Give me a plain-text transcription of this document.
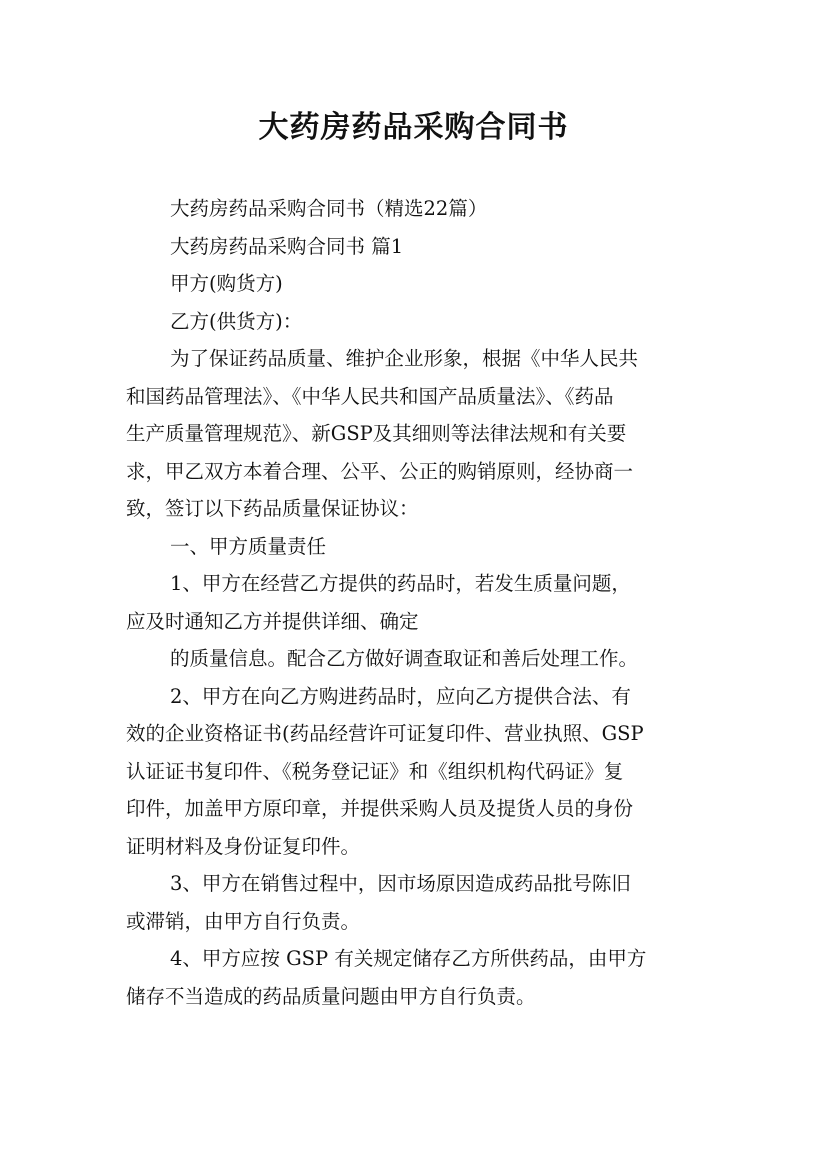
大药房药品采购合同书
大药房药品采购合同书（精选22篇）
大药房药品采购合同书 篇1
甲方(购货方)
乙方(供货方)：
为了保证药品质量、维护企业形象，根据《中华人民共
和国药品管理法》、《中华人民共和国产品质量法》、《药品
生产质量管理规范》、新GSP及其细则等法律法规和有关要
求，甲乙双方本着合理、公平、公正的购销原则，经协商一
致，签订以下药品质量保证协议：
一、甲方质量责任
1、甲方在经营乙方提供的药品时，若发生质量问题，
应及时通知乙方并提供详细、确定
的质量信息。配合乙方做好调查取证和善后处理工作。
2、甲方在向乙方购进药品时，应向乙方提供合法、有
效的企业资格证书(药品经营许可证复印件、营业执照、GSP
认证证书复印件、《税务登记证》和《组织机构代码证》复
印件，加盖甲方原印章，并提供采购人员及提货人员的身份
证明材料及身份证复印件。
3、甲方在销售过程中，因市场原因造成药品批号陈旧
或滞销，由甲方自行负责。
4、甲方应按 GSP 有关规定储存乙方所供药品，由甲方
储存不当造成的药品质量问题由甲方自行负责。
